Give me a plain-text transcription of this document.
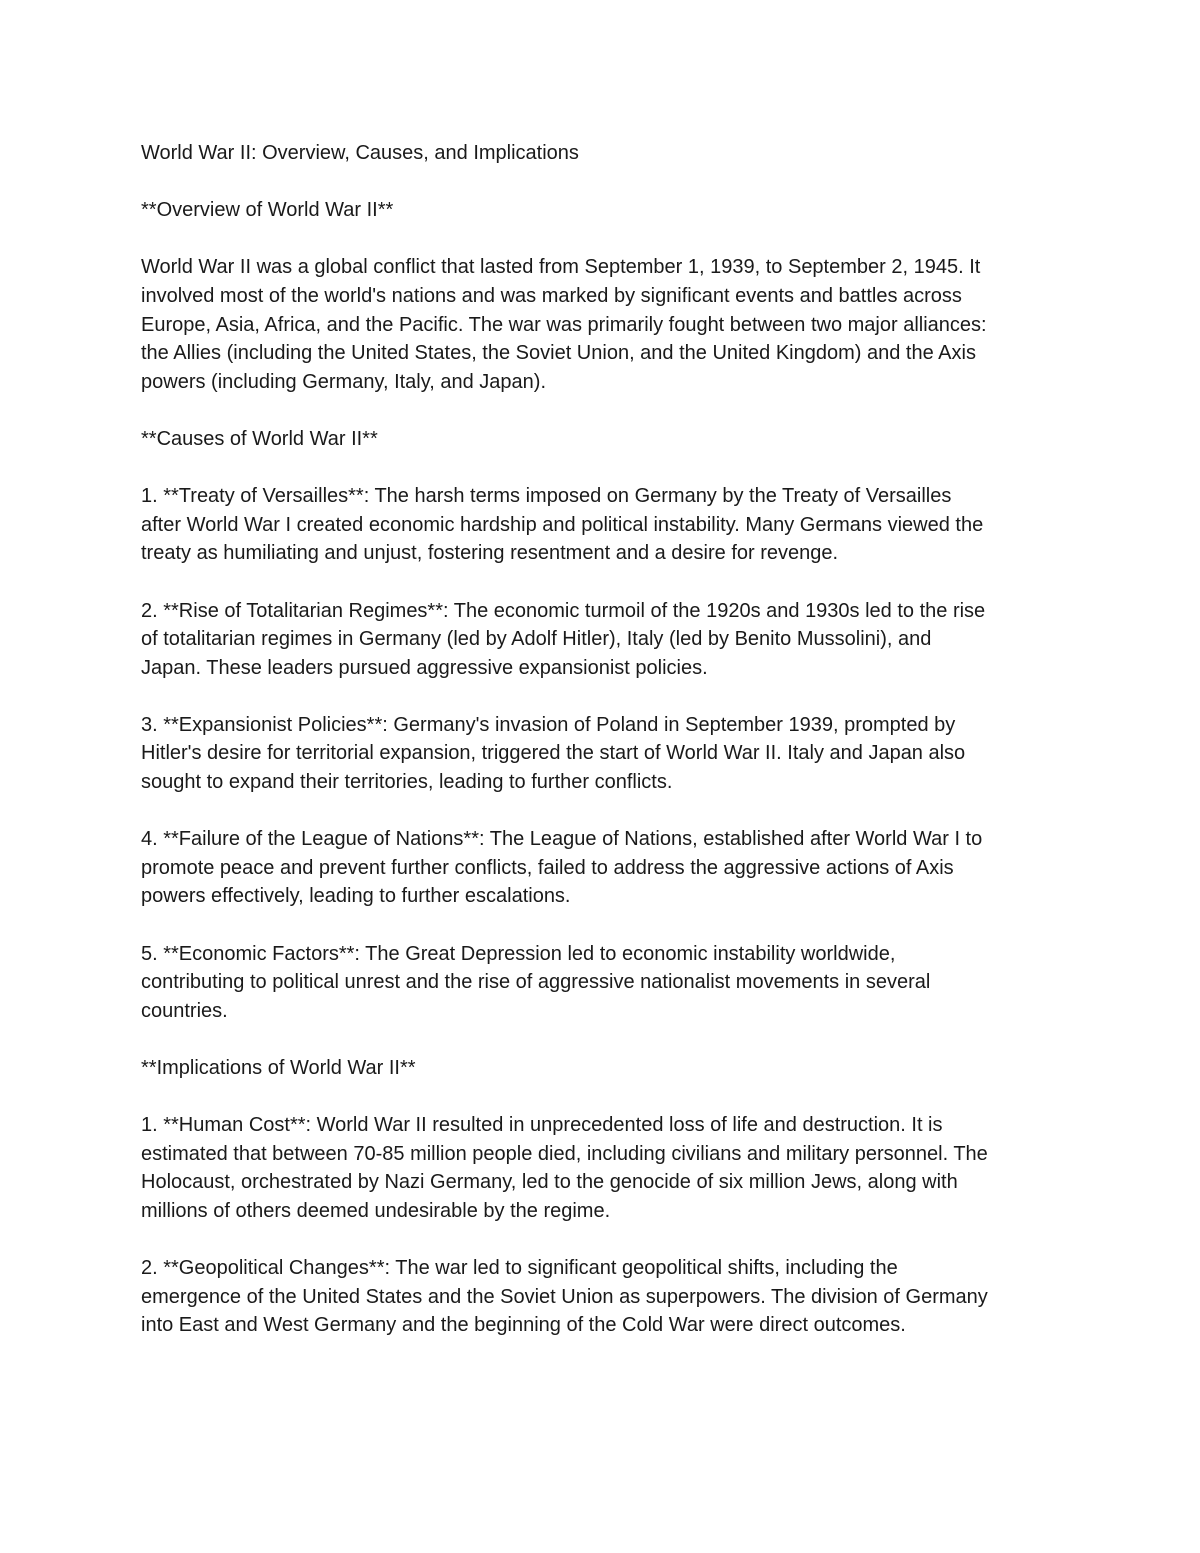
World War II: Overview, Causes, and Implications

**Overview of World War II**

World War II was a global conflict that lasted from September 1, 1939, to September 2, 1945. It
involved most of the world's nations and was marked by significant events and battles across
Europe, Asia, Africa, and the Pacific. The war was primarily fought between two major alliances:
the Allies (including the United States, the Soviet Union, and the United Kingdom) and the Axis
powers (including Germany, Italy, and Japan).

**Causes of World War II**

1. **Treaty of Versailles**: The harsh terms imposed on Germany by the Treaty of Versailles
after World War I created economic hardship and political instability. Many Germans viewed the
treaty as humiliating and unjust, fostering resentment and a desire for revenge.

2. **Rise of Totalitarian Regimes**: The economic turmoil of the 1920s and 1930s led to the rise
of totalitarian regimes in Germany (led by Adolf Hitler), Italy (led by Benito Mussolini), and
Japan. These leaders pursued aggressive expansionist policies.

3. **Expansionist Policies**: Germany's invasion of Poland in September 1939, prompted by
Hitler's desire for territorial expansion, triggered the start of World War II. Italy and Japan also
sought to expand their territories, leading to further conflicts.

4. **Failure of the League of Nations**: The League of Nations, established after World War I to
promote peace and prevent further conflicts, failed to address the aggressive actions of Axis
powers effectively, leading to further escalations.

5. **Economic Factors**: The Great Depression led to economic instability worldwide,
contributing to political unrest and the rise of aggressive nationalist movements in several
countries.

**Implications of World War II**

1. **Human Cost**: World War II resulted in unprecedented loss of life and destruction. It is
estimated that between 70-85 million people died, including civilians and military personnel. The
Holocaust, orchestrated by Nazi Germany, led to the genocide of six million Jews, along with
millions of others deemed undesirable by the regime.

2. **Geopolitical Changes**: The war led to significant geopolitical shifts, including the
emergence of the United States and the Soviet Union as superpowers. The division of Germany
into East and West Germany and the beginning of the Cold War were direct outcomes.
